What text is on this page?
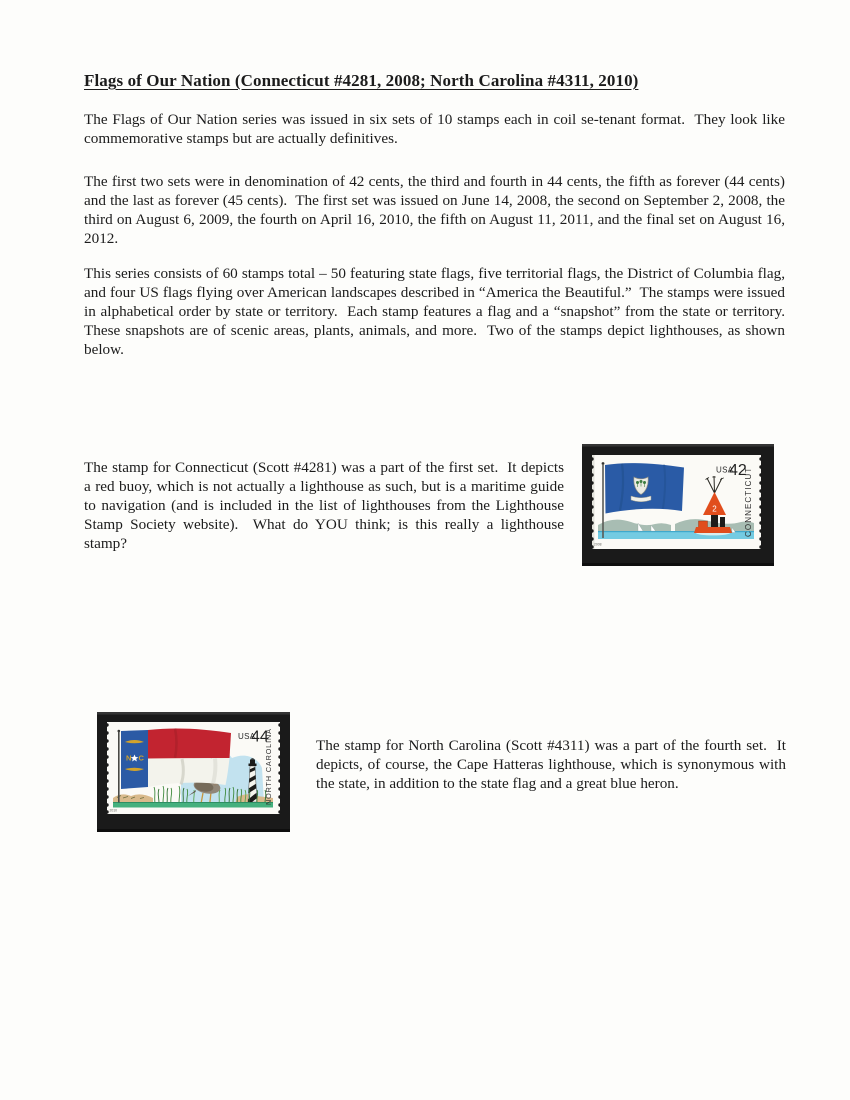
Flags of Our Nation (Connecticut #4281, 2008; North Carolina #4311, 2010)

The Flags of Our Nation series was issued in six sets of 10 stamps each in coil se-tenant format.  They look like commemorative stamps but are actually definitives.

The first two sets were in denomination of 42 cents, the third and fourth in 44 cents, the fifth as forever (44 cents) and the last as forever (45 cents).  The first set was issued on June 14, 2008, the second on September 2, 2008, the third on August 6, 2009, the fourth on April 16, 2010, the fifth on August 11, 2011, and the final set on August 16, 2012.

This series consists of 60 stamps total – 50 featuring state flags, five territorial flags, the District of Columbia flag, and four US flags flying over American landscapes described in “America the Beautiful.”  The stamps were issued in alphabetical order by state or territory.  Each stamp features a flag and a “snapshot” from the state or territory.  These snapshots are of scenic areas, plants, animals, and more.  Two of the stamps depict lighthouses, as shown below.

The stamp for Connecticut (Scott #4281) was a part of the first set.  It depicts a red buoy, which is not actually a lighthouse as such, but is a maritime guide to navigation (and is included in the list of lighthouses from the Lighthouse Stamp Society website).  What do YOU think; is this really a lighthouse stamp?

2
USA
42
CONNECTICUT
2008
N C
USA
44
NORTH CAROLINA
2010

The stamp for North Carolina (Scott #4311) was a part of the fourth set.  It depicts, of course, the Cape Hatteras lighthouse, which is synonymous with the state, in addition to the state flag and a great blue heron.
